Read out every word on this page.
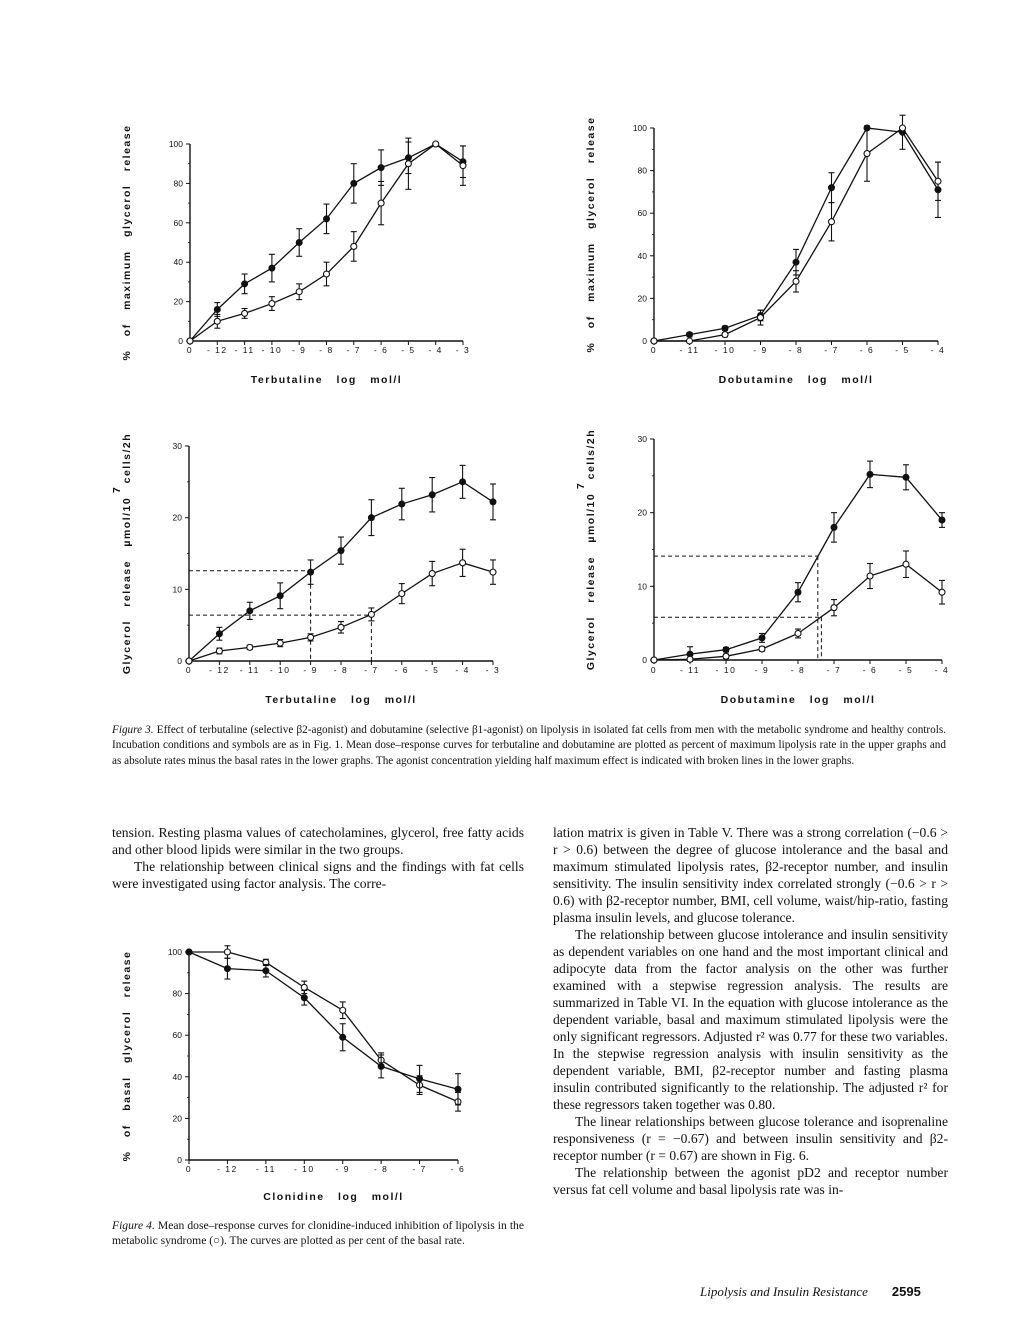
0
20
40
60
80
100
0 - 12 - 11 - 10 - 9 - 8 - 7 - 6 - 5 - 4 - 3
Terbutaline log mol/l
% of maximum glycerol release	0
20
40
60
80
100
0	- 11 - 10 - 9 - 8 - 7 - 6 - 5 - 4
Dobutamine log mol/l
% of maximum glycerol release
0
10
20
30
0 - 12 - 11 - 10 - 9 - 8 - 7 - 6 - 5 - 4 - 3
Terbutaline log mol/l
Glycerol release µmol/10 cells/2h
7
0
10
20
30
0	- 11 - 10 - 9	- 8	- 7	- 6	- 5	- 4
Dobutamine log mol/l
Glycerol release µmol/10 cells/2h
7
0
20
40
60
80
100
0	- 12 - 11 - 10 - 9	- 8	- 7	- 6
Clonidine log mol/l
% of basal glycerol release
Figure 3. Effect of terbutaline (selective β2-agonist) and dobutamine (selective β1-agonist) on lipolysis in isolated fat cells from men with the metabolic syndrome and healthy controls. Incubation conditions and symbols are as in Fig. 1. Mean dose–response curves for terbutaline and dobutamine are plotted as percent of maximum lipolysis rate in the upper graphs and as absolute rates minus the basal rates in the lower graphs. The agonist concentration yielding half maximum effect is indicated with broken lines in the lower graphs.

tension. Resting plasma values of catecholamines, glycerol, free fatty acids and other blood lipids were similar in the two groups.

The relationship between clinical signs and the findings with fat cells were investigated using factor analysis. The corre-

Figure 4. Mean dose–response curves for clonidine-induced inhibition of lipolysis in the metabolic syndrome (○). The curves are plotted as per cent of the basal rate.

lation matrix is given in Table V. There was a strong correlation (−0.6 > r > 0.6) between the degree of glucose intolerance and the basal and maximum stimulated lipolysis rates, β2-receptor number, and insulin sensitivity. The insulin sensitivity index correlated strongly (−0.6 > r > 0.6) with β2-receptor number, BMI, cell volume, waist/hip-ratio, fasting plasma insulin levels, and glucose tolerance.

The relationship between glucose intolerance and insulin sensitivity as dependent variables on one hand and the most important clinical and adipocyte data from the factor analysis on the other was further examined with a stepwise regression analysis. The results are summarized in Table VI. In the equation with glucose intolerance as the dependent variable, basal and maximum stimulated lipolysis were the only significant regressors. Adjusted r² was 0.77 for these two variables. In the stepwise regression analysis with insulin sensitivity as the dependent variable, BMI, β2-receptor number and fasting plasma insulin contributed significantly to the relationship. The adjusted r² for these regressors taken together was 0.80.

The linear relationships between glucose tolerance and isoprenaline responsiveness (r = −0.67) and between insulin sensitivity and β2-receptor number (r = 0.67) are shown in Fig. 6.

The relationship between the agonist pD2 and receptor number versus fat cell volume and basal lipolysis rate was in-

Lipolysis and Insulin Resistance 2595
